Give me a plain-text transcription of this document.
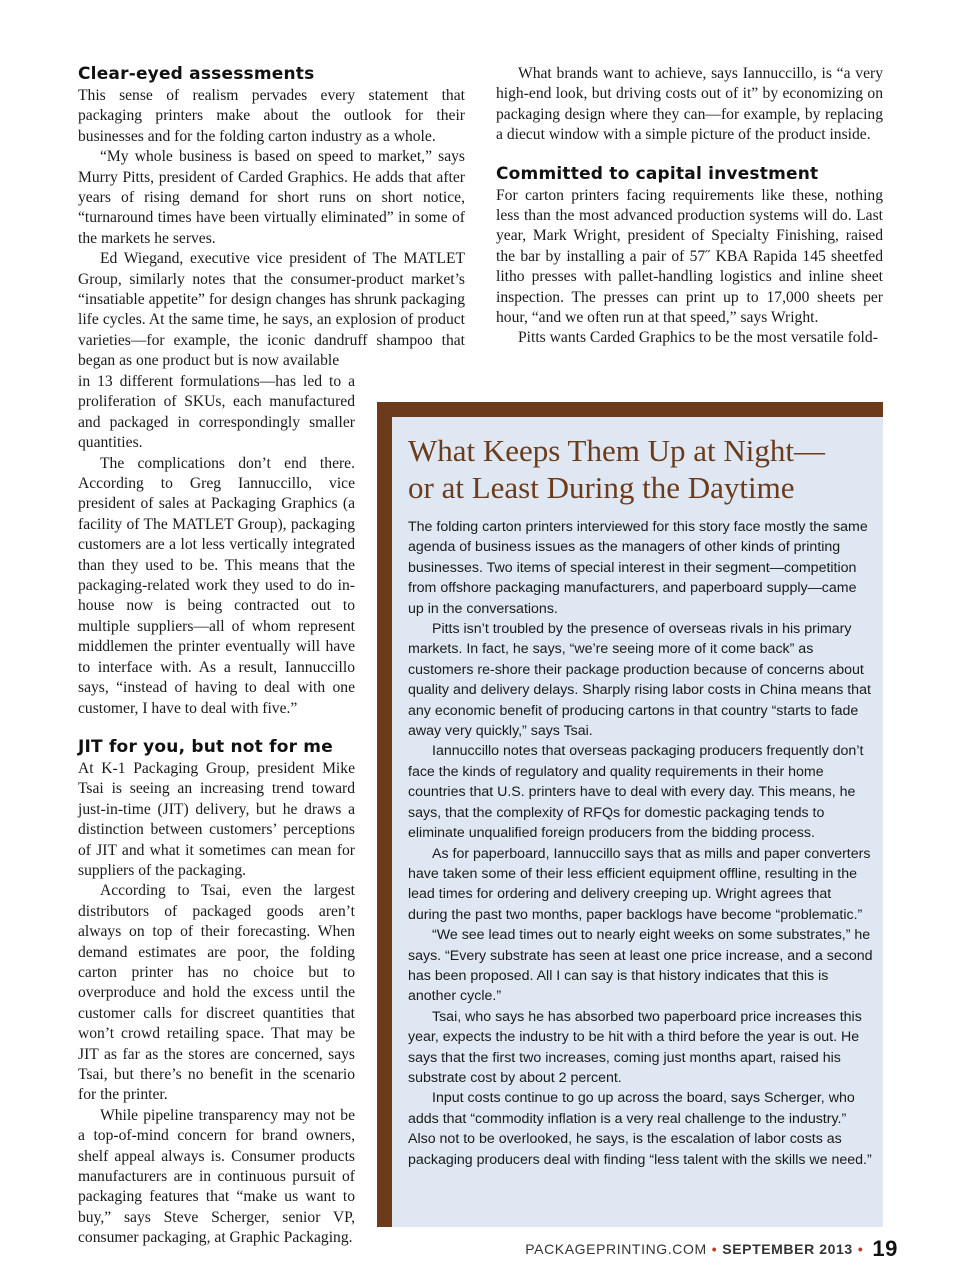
Clear-eyed assessments

This sense of realism pervades every statement that packaging printers make about the outlook for their businesses and for the folding carton industry as a whole.

“My whole business is based on speed to market,” says Murry Pitts, president of Carded Graphics. He adds that after years of rising demand for short runs on short notice, “turnaround times have been virtually eliminated” in some of the markets he serves.

Ed Wiegand, executive vice president of The MATLET Group, similarly notes that the consumer-product market’s “insatiable appetite” for design changes has shrunk packaging life cycles. At the same time, he says, an explosion of product varieties—for example, the iconic dandruff shampoo that began as one product but is now available

in 13 different formulations—has led to a proliferation of SKUs, each manufactured and packaged in correspondingly smaller quantities.

The complications don’t end there. According to Greg Iannuccillo, vice president of sales at Packaging Graphics (a facility of The MATLET Group), packaging customers are a lot less vertically integrated than they used to be. This means that the packaging-related work they used to do in-house now is being contracted out to multiple suppliers—all of whom represent middlemen the printer eventually will have to interface with. As a result, Iannuccillo says, “instead of having to deal with one customer, I have to deal with five.”

JIT for you, but not for me

At K-1 Packaging Group, president Mike Tsai is seeing an increasing trend toward just-in-time (JIT) delivery, but he draws a distinction between customers’ perceptions of JIT and what it sometimes can mean for suppliers of the packaging.

According to Tsai, even the largest distributors of packaged goods aren’t always on top of their forecasting. When demand estimates are poor, the folding carton printer has no choice but to overproduce and hold the excess until the customer calls for discreet quantities that won’t crowd retailing space. That may be JIT as far as the stores are concerned, says Tsai, but there’s no benefit in the scenario for the printer.

While pipeline transparency may not be a top-of-mind concern for brand owners, shelf appeal always is. Consumer products manufacturers are in continuous pursuit of packaging features that “make us want to buy,” says Steve Scherger, senior VP, consumer packaging, at Graphic Packaging.

What brands want to achieve, says Iannuccillo, is “a very high-end look, but driving costs out of it” by economizing on packaging design where they can—for example, by replacing a diecut window with a simple picture of the product inside.

Committed to capital investment

For carton printers facing requirements like these, nothing less than the most advanced production systems will do. Last year, Mark Wright, president of Specialty Finishing, raised the bar by installing a pair of 57˝ KBA Rapida 145 sheetfed litho presses with pallet-handling logistics and inline sheet inspection. The presses can print up to 17,000 sheets per hour, “and we often run at that speed,” says Wright.

Pitts wants Carded Graphics to be the most versatile fold-

What Keeps Them Up at Night—
or at Least During the Daytime

The folding carton printers interviewed for this story face mostly the same agenda of business issues as the managers of other kinds of printing businesses. Two items of special interest in their segment—competition from offshore packaging manufacturers, and paperboard supply—came up in the conversations.

Pitts isn’t troubled by the presence of overseas rivals in his primary markets. In fact, he says, “we’re seeing more of it come back” as customers re-shore their package production because of concerns about quality and delivery delays. Sharply rising labor costs in China means that any economic benefit of producing cartons in that country “starts to fade away very quickly,” says Tsai.

Iannuccillo notes that overseas packaging producers frequently don’t face the kinds of regulatory and quality requirements in their home countries that U.S. printers have to deal with every day. This means, he says, that the complexity of RFQs for domestic packaging tends to eliminate unqualified foreign producers from the bidding process.

As for paperboard, Iannuccillo says that as mills and paper converters have taken some of their less efficient equipment offline, resulting in the lead times for ordering and delivery creeping up. Wright agrees that during the past two months, paper backlogs have become “problematic.”

“We see lead times out to nearly eight weeks on some substrates,” he says. “Every substrate has seen at least one price increase, and a second has been proposed. All I can say is that history indicates that this is another cycle.”

Tsai, who says he has absorbed two paperboard price increases this year, expects the industry to be hit with a third before the year is out. He says that the first two increases, coming just months apart, raised his substrate cost by about 2 percent.

Input costs continue to go up across the board, says Scherger, who adds that “commodity inflation is a very real challenge to the industry.” Also not to be overlooked, he says, is the escalation of labor costs as packaging producers deal with finding “less talent with the skills we need.”

PACKAGEPRINTING.COM • SEPTEMBER 2013 • 19
